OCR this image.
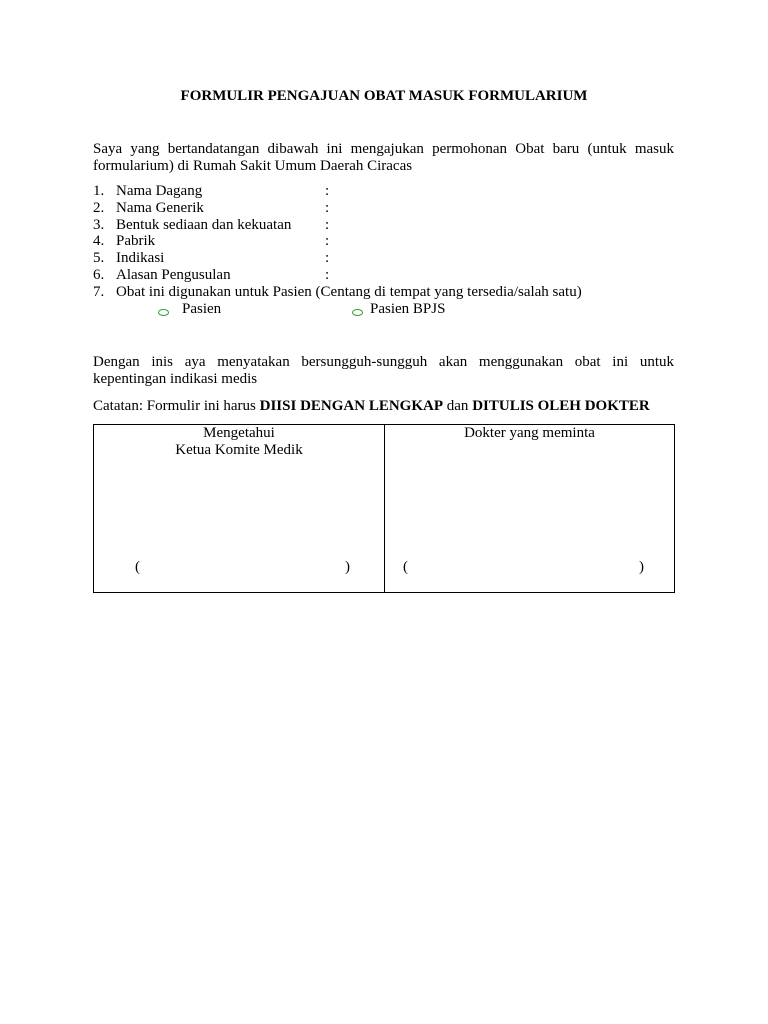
FORMULIR PENGAJUAN OBAT MASUK FORMULARIUM
Saya yang bertandatangan dibawah ini mengajukan permohonan Obat baru (untuk masuk formularium) di Rumah Sakit Umum Daerah Ciracas
1. Nama Dagang	:
2. Nama Generik	:
3. Bentuk sediaan dan kekuatan :
4. Pabrik	:
5. Indikasi	:
6. Alasan Pengusulan	:
7. Obat ini digunakan untuk Pasien (Centang di tempat yang tersedia/salah satu)
Pasien	Pasien BPJS
Dengan inis aya menyatakan bersungguh-sungguh akan menggunakan obat ini untuk kepentingan indikasi medis
Catatan: Formulir ini harus DIISI DENGAN LENGKAP dan DITULIS OLEH DOKTER
Mengetahui
Ketua Komite Medik
(	)
Dokter yang meminta
(	)
